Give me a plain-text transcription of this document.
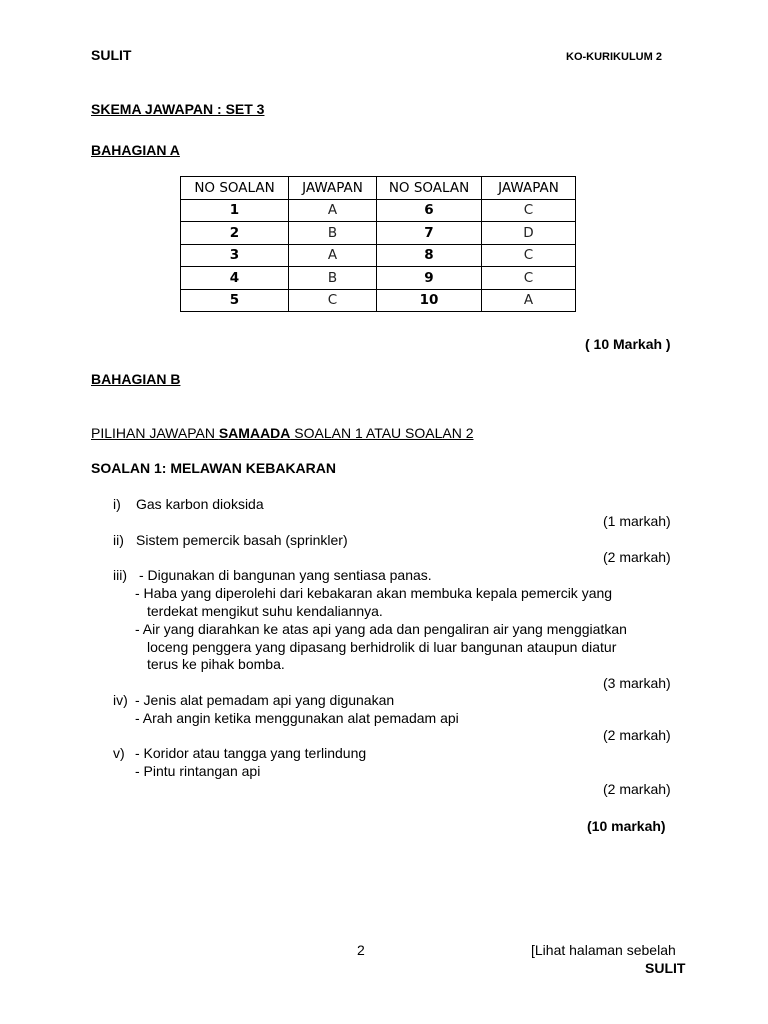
SULIT	KO-KURIKULUM 2
SKEMA JAWAPAN : SET 3
BAHAGIAN A
NO SOALAN	JAWAPAN	NO SOALAN	JAWAPAN
1	A	6	C
2	B	7	D
3	A	8	C
4	B	9	C
5	C	10	A
( 10 Markah )
BAHAGIAN B
PILIHAN JAWAPAN SAMAADA SOALAN 1 ATAU SOALAN 2
SOALAN 1: MELAWAN KEBAKARAN
i) Gas karbon dioksida
(1 markah)
ii) Sistem pemercik basah (sprinkler)
(2 markah)
iii) - Digunakan di bangunan yang sentiasa panas.
- Haba yang diperolehi dari kebakaran akan membuka kepala pemercik yang
terdekat mengikut suhu kendaliannya.
- Air yang diarahkan ke atas api yang ada dan pengaliran air yang menggiatkan
loceng penggera yang dipasang berhidrolik di luar bangunan ataupun diatur
terus ke pihak bomba.
(3 markah)
iv) - Jenis alat pemadam api yang digunakan
- Arah angin ketika menggunakan alat pemadam api
(2 markah)
v) - Koridor atau tangga yang terlindung
- Pintu rintangan api
(2 markah)
(10 markah)
2	[Lihat halaman sebelah
SULIT
